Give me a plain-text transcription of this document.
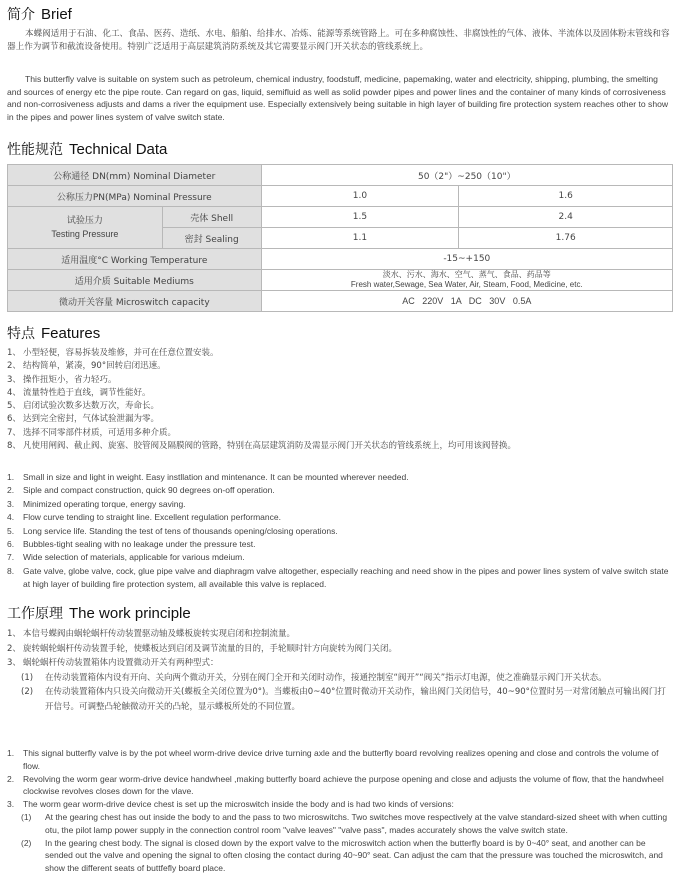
简介 Brief

本蝶阀适用于石油、化工、食品、医药、造纸、水电、船舶、给排水、冶炼、能源等系统管路上。可在多种腐蚀性、非腐蚀性的气体、液体、半流体以及固体粉末管线和容器上作为调节和截流设备使用。特别广泛适用于高层建筑消防系统及其它需要显示阀门开关状态的管线系统上。

This butterfly valve is suitable on system such as petroleum, chemical industry, foodstuff, medicine, papemaking, water and electricity, shipping, plumbing, the smelting and sources of energy etc the pipe route. Can regard on gas, liquid, semifluid as well as solid powder pipes and power lines and the container of many kinds of corrosiveness and non-corrosiveness adjusts and dams a river the equipment use. Especially extensively being suitable in high layer of building fire protection system reaches other to show in the pipes and power lines system of valve switch state.

性能规范 Technical Data
公称通径 DN(mm) Nominal Diameter		50（2"）~250（10"）	
公称压力PN(MPa) Nominal Pressure		1.0	1.6

试验压力
Testing Pressure	壳体 Shell	1.5	2.4
	密封 Sealing	1.1	1.76
适用温度°C Working Temperature		-15~+150	
适用介质 Suitable Mediums		淡水、污水、海水、空气、蒸气、食品、药品等
Fresh water,Sewage, Sea Water, Air, Steam, Food, Medicine, etc.	

微动开关容量 Microswitch capacity		AC   220V   1A   DC   30V   0.5A	
特点 Features
1、 小型轻便，容易拆装及维修，并可在任意位置安装。
2、 结构简单，紧凑，90°回转启闭迅速。
3、 操作扭矩小，省力轻巧。
4、 流量特性趋于直线，调节性能好。
5、 启闭试验次数多达数万次，寿命长。
6、 达到完全密封，气体试验泄漏为零。
7、 选择不同零部件材质，可适用多种介质。
8、 凡使用闸阀、截止阀、旋塞、胶管阀及隔膜阀的管路，特别在高层建筑消防及需显示阀门开关状态的管线系统上，均可用该阀替换。
1. Small in size and light in weight. Easy instllation and mintenance. It can be mounted wherever needed.
2. Siple and compact construction, quick 90 degrees on-off operation.
3. Minimized operating torque, energy saving.
4. Flow curve tending to straight line. Excellent regulation performance.
5. Long service life. Standing the test of tens of thousands opening/closing operations.
6. Bubbles-tight sealing with no leakage under the pressure test.
7. Wide selection of materials, applicable for various mdeium.
8. Gate valve, globe valve, cock, glue pipe valve and diaphragm valve altogether, especially reaching and need show in the pipes and power lines system of valve switch state at high layer of building fire protection system, all available this valve is replaced.
工作原理 The work principle
1、 本信号蝶阀由蜗轮蜗杆传动装置驱动轴及蝶板旋转实现启闭和控制流量。
2、 旋转蜗轮蜗杆传动装置手轮，使蝶板达到启闭及调节流量的目的，手轮顺时针方向旋转为阀门关闭。
3、 蜗轮蜗杆传动装置箱体内设置微动开关有两种型式：
(1) 在传动装置箱体内设有开向、关向两个微动开关，分别在阀门全开和关闭时动作，接通控制室“阀开”“阀关”指示灯电源，使之准确显示阀门开关状态。
(2) 在传动装置箱体内只设关向微动开关(蝶板全关闭位置为0°)。当蝶板由0~40°位置时微动开关动作，输出阀门关闭信号，40~90°位置时另一对常闭触点可输出阀门打开信号。可调整凸轮触微动开关的凸轮，显示蝶板所处的不同位置。
1. This signal butterfly valve is by the pot wheel worm-drive device drive turning axle and the butterfly board revolving realizes opening and close and controls the volume of flow.
2. Revolving the worm gear worm-drive device handwheel ,making butterfly board achieve the purpose opening and close and adjusts the volume of flow, that the handwheel clockwise revolves closes down for the vlave.
3. The worm gear worm-drive device chest is set up the microswitch inside the body and is had two kinds of versions:
(1) At the gearing chest has out inside the body to and the pass to two microswitchs. Two switches move respectively at the valve standard-sized sheet with when cutting otu, the pilot lamp power supply in the connection control room "valve leaves" "valve pass", mades accurately shows the valve switch state.
(2) In the gearing chest body. The signal is closed down by the export valve to the microswitch action when the butterfly board is by 0~40° seat, and another can be sended out the valve and opening the signal to often closing the contact during 40~90° seat. Can adjust the cam that the pressure was touched the microswitch, and show the different seats of buttfefly board place.
